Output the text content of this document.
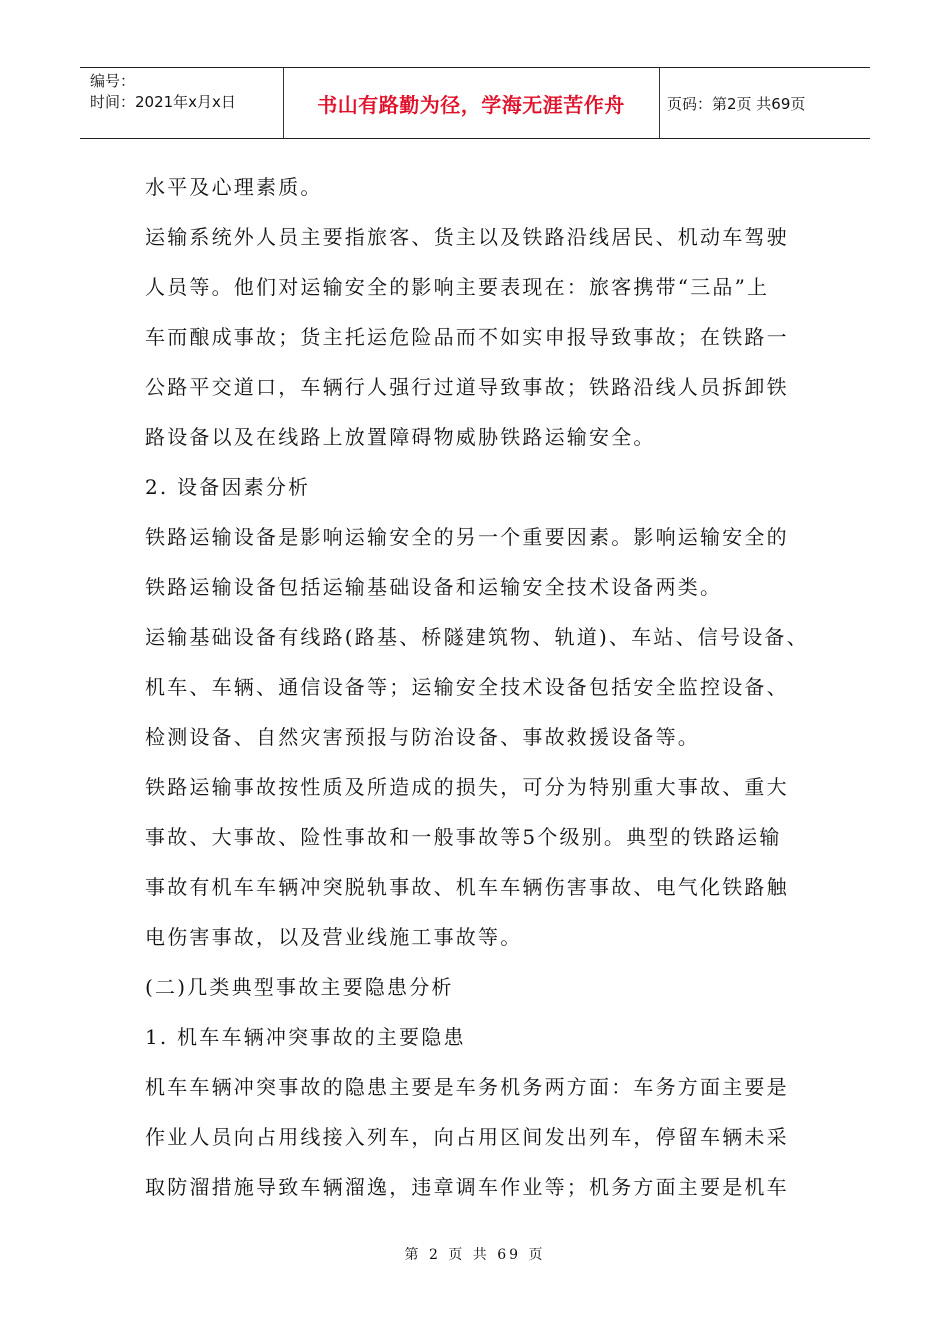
编号：
时间：2021年x月x日	书山有路勤为径，学海无涯苦作舟	页码：第2页 共69页
水平及心理素质。
运输系统外人员主要指旅客、货主以及铁路沿线居民、机动车驾驶
人员等。他们对运输安全的影响主要表现在：旅客携带“三品”上
车而酿成事故；货主托运危险品而不如实申报导致事故；在铁路一
公路平交道口，车辆行人强行过道导致事故；铁路沿线人员拆卸铁
路设备以及在线路上放置障碍物威胁铁路运输安全。
2. 设备因素分析
铁路运输设备是影响运输安全的另一个重要因素。影响运输安全的
铁路运输设备包括运输基础设备和运输安全技术设备两类。
运输基础设备有线路(路基、桥隧建筑物、轨道)、车站、信号设备、
机车、车辆、通信设备等；运输安全技术设备包括安全监控设备、
检测设备、自然灾害预报与防治设备、事故救援设备等。
铁路运输事故按性质及所造成的损失，可分为特别重大事故、重大
事故、大事故、险性事故和一般事故等5个级别。典型的铁路运输
事故有机车车辆冲突脱轨事故、机车车辆伤害事故、电气化铁路触
电伤害事故，以及营业线施工事故等。
(二)几类典型事故主要隐患分析
1. 机车车辆冲突事故的主要隐患
机车车辆冲突事故的隐患主要是车务机务两方面：车务方面主要是
作业人员向占用线接入列车，向占用区间发出列车，停留车辆未采
取防溜措施导致车辆溜逸，违章调车作业等；机务方面主要是机车
第 2 页 共 69 页
